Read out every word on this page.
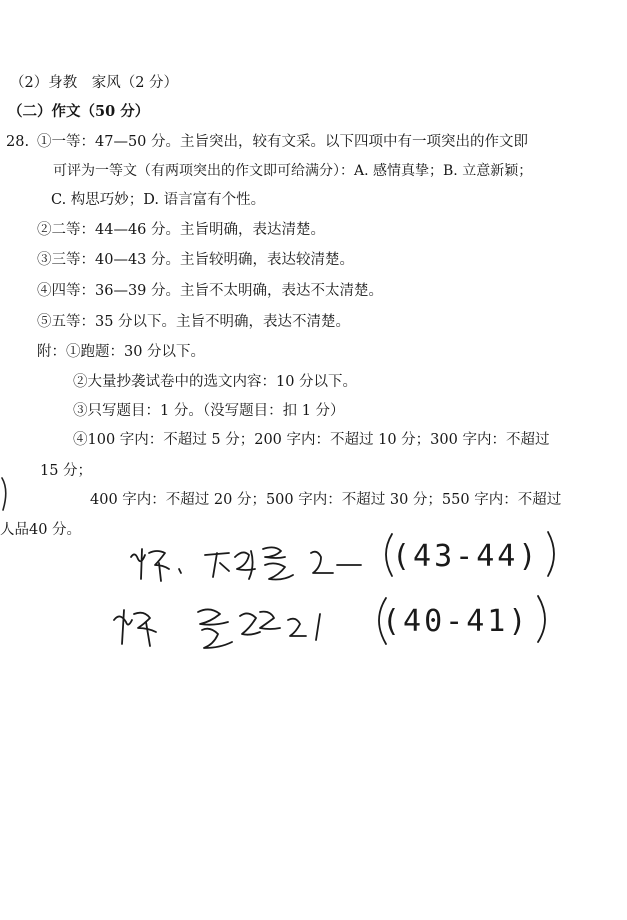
（2）身教　家风（2 分）
（二）作文（50 分）
28. ①一等：47—50 分。主旨突出，较有文采。以下四项中有一项突出的作文即
可评为一等文（有两项突出的作文即可给满分）：A. 感情真挚；B. 立意新颖；
C. 构思巧妙；D. 语言富有个性。
②二等：44—46 分。主旨明确，表达清楚。
③三等：40—43 分。主旨较明确，表达较清楚。
④四等：36—39 分。主旨不太明确，表达不太清楚。
⑤五等：35 分以下。主旨不明确，表达不清楚。
附：①跑题：30 分以下。
②大量抄袭试卷中的选文内容：10 分以下。
③只写题目：1 分。（没写题目：扣 1 分）
④100 字内：不超过 5 分；200 字内：不超过 10 分；300 字内：不超过
15 分；
400 字内：不超过 20 分；500 字内：不超过 30 分；550 字内：不超过
人品40 分。
(43-44)
(40-41)
